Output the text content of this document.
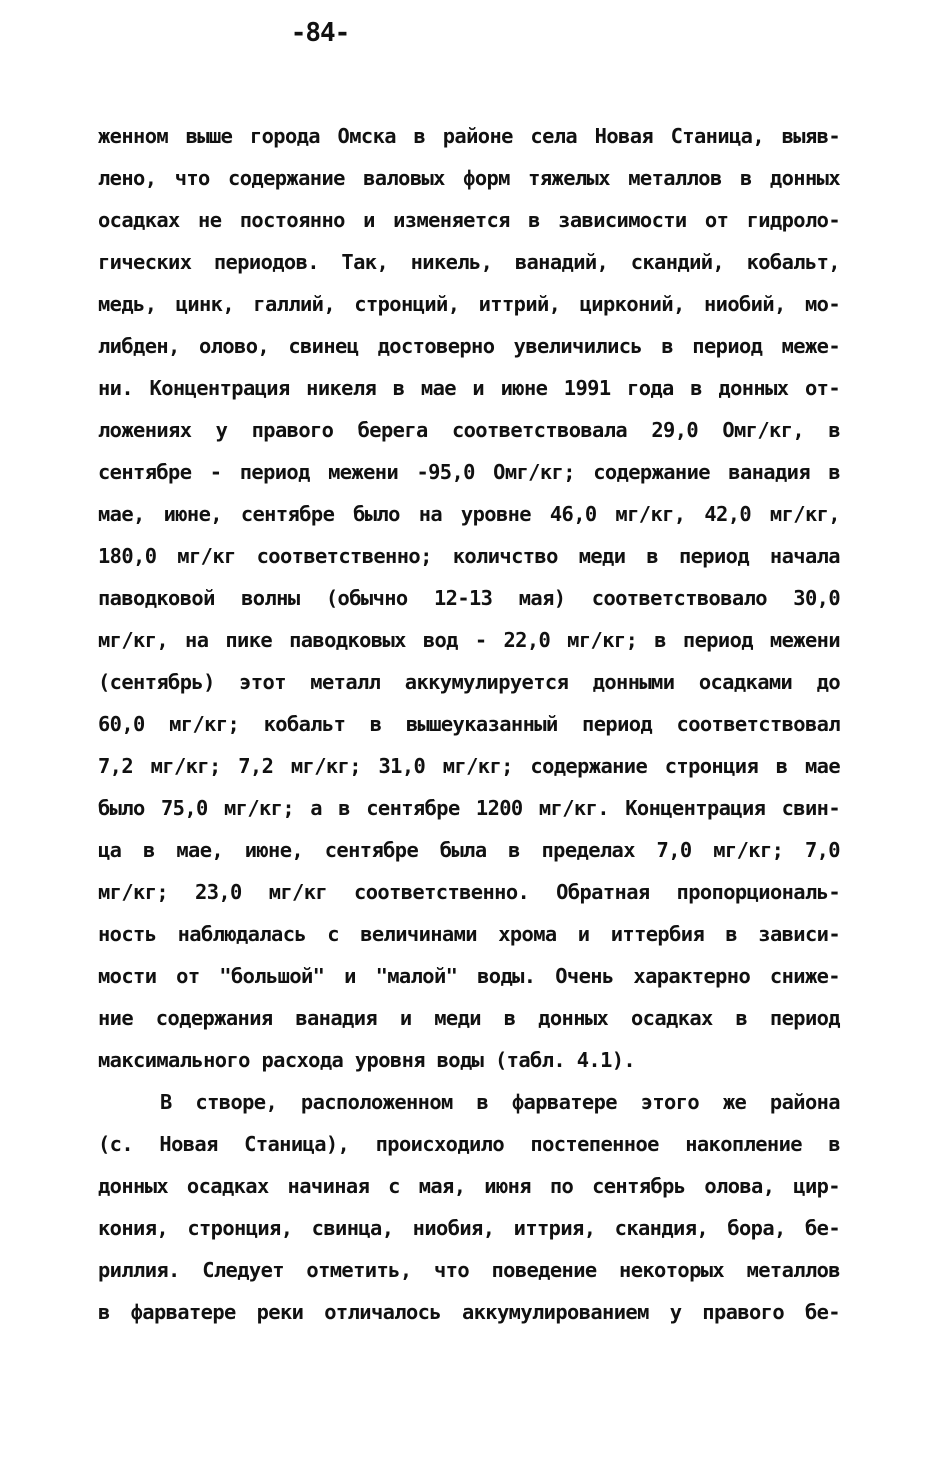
-84-
женном выше города Омска в районе села Новая Станица, выяв-
лено, что содержание валовых форм тяжелых металлов в донных
осадках не постоянно и изменяется в зависимости от гидроло-
гических периодов. Так, никель, ванадий, скандий, кобальт,
медь, цинк, галлий, стронций, иттрий, цирконий, ниобий, мо-
либден, олово, свинец достоверно увеличились в период меже-
ни. Концентрация никеля в мае и июне 1991 года в донных от-
ложениях у правого берега соответствовала 29,0 Омг/кг, в
сентябре - период межени -95,0 Омг/кг; содержание ванадия в
мае, июне, сентябре было на уровне 46,0 мг/кг, 42,0 мг/кг,
180,0 мг/кг соответственно; количство меди в период начала
паводковой волны (обычно 12-13 мая) соответствовало 30,0
мг/кг, на пике паводковых вод - 22,0 мг/кг; в период межени
(сентябрь) этот металл аккумулируется донными осадками до
60,0 мг/кг; кобальт в вышеуказанный период соответствовал
7,2 мг/кг; 7,2 мг/кг; 31,0 мг/кг; содержание стронция в мае
было 75,0 мг/кг; а в сентябре 1200 мг/кг. Концентрация свин-
ца в мае, июне, сентябре была в пределах 7,0 мг/кг; 7,0
мг/кг; 23,0 мг/кг соответственно. Обратная пропорциональ-
ность наблюдалась с величинами хрома и иттербия в зависи-
мости от "большой" и "малой" воды. Очень характерно сниже-
ние содержания ванадия и меди в донных осадках в период
максимального расхода уровня воды (табл. 4.1).
В створе, расположенном в фарватере этого же района
(с. Новая Станица), происходило постепенное накопление в
донных осадках начиная с мая, июня по сентябрь олова, цир-
кония, стронция, свинца, ниобия, иттрия, скандия, бора, бе-
риллия. Следует отметить, что поведение некоторых металлов
в фарватере реки отличалось аккумулированием у правого бе-
